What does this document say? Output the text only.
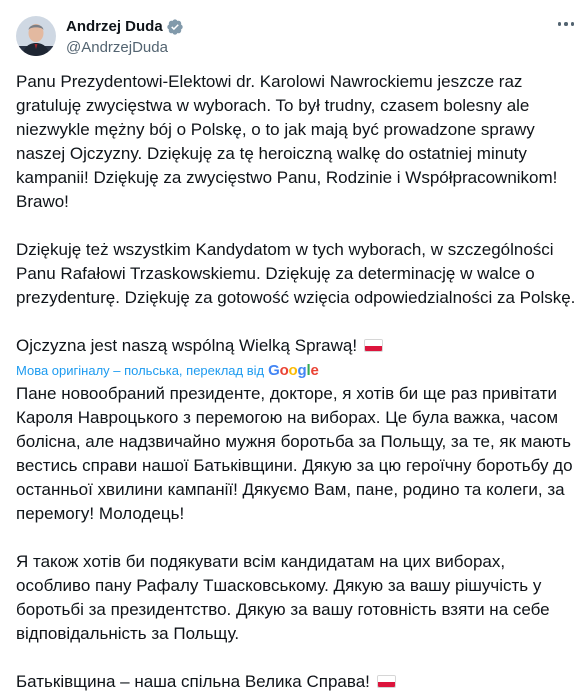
Andrzej Duda
@AndrzejDuda

Panu Prezydentowi-Elektowi dr. Karolowi Nawrockiemu jeszcze raz gratuluję zwycięstwa w wyborach. To był trudny, czasem bolesny ale niezwykle mężny bój o Polskę, o to jak mają być prowadzone sprawy naszej Ojczyzny. Dziękuję za tę heroiczną walkę do ostatniej minuty kampanii! Dziękuję za zwycięstwo Panu, Rodzinie i Współpracownikom! Brawo!

Dziękuję też wszystkim Kandydatom w tych wyborach, w szczególności Panu Rafałowi Trzaskowskiemu. Dziękuję za determinację w walce o prezydenturę. Dziękuję za gotowość wzięcia odpowiedzialności za Polskę.

Ojczyzna jest naszą wspólną Wielką Sprawą!

Мова оригіналу – польська, переклад від Google

Пане новообраний президенте, докторе, я хотів би ще раз привітати Кароля Навроцького з перемогою на виборах. Це була важка, часом болісна, але надзвичайно мужня боротьба за Польщу, за те, як мають вестись справи нашої Батьківщини. Дякую за цю героїчну боротьбу до останньої хвилини кампанії! Дякуємо Вам, пане, родино та колеги, за перемогу! Молодець!

Я також хотів би подякувати всім кандидатам на цих виборах, особливо пану Рафалу Тшасковському. Дякую за вашу рішучість у боротьбі за президентство. Дякую за вашу готовність взяти на себе відповідальність за Польщу.

Батьківщина – наша спільна Велика Справа!
